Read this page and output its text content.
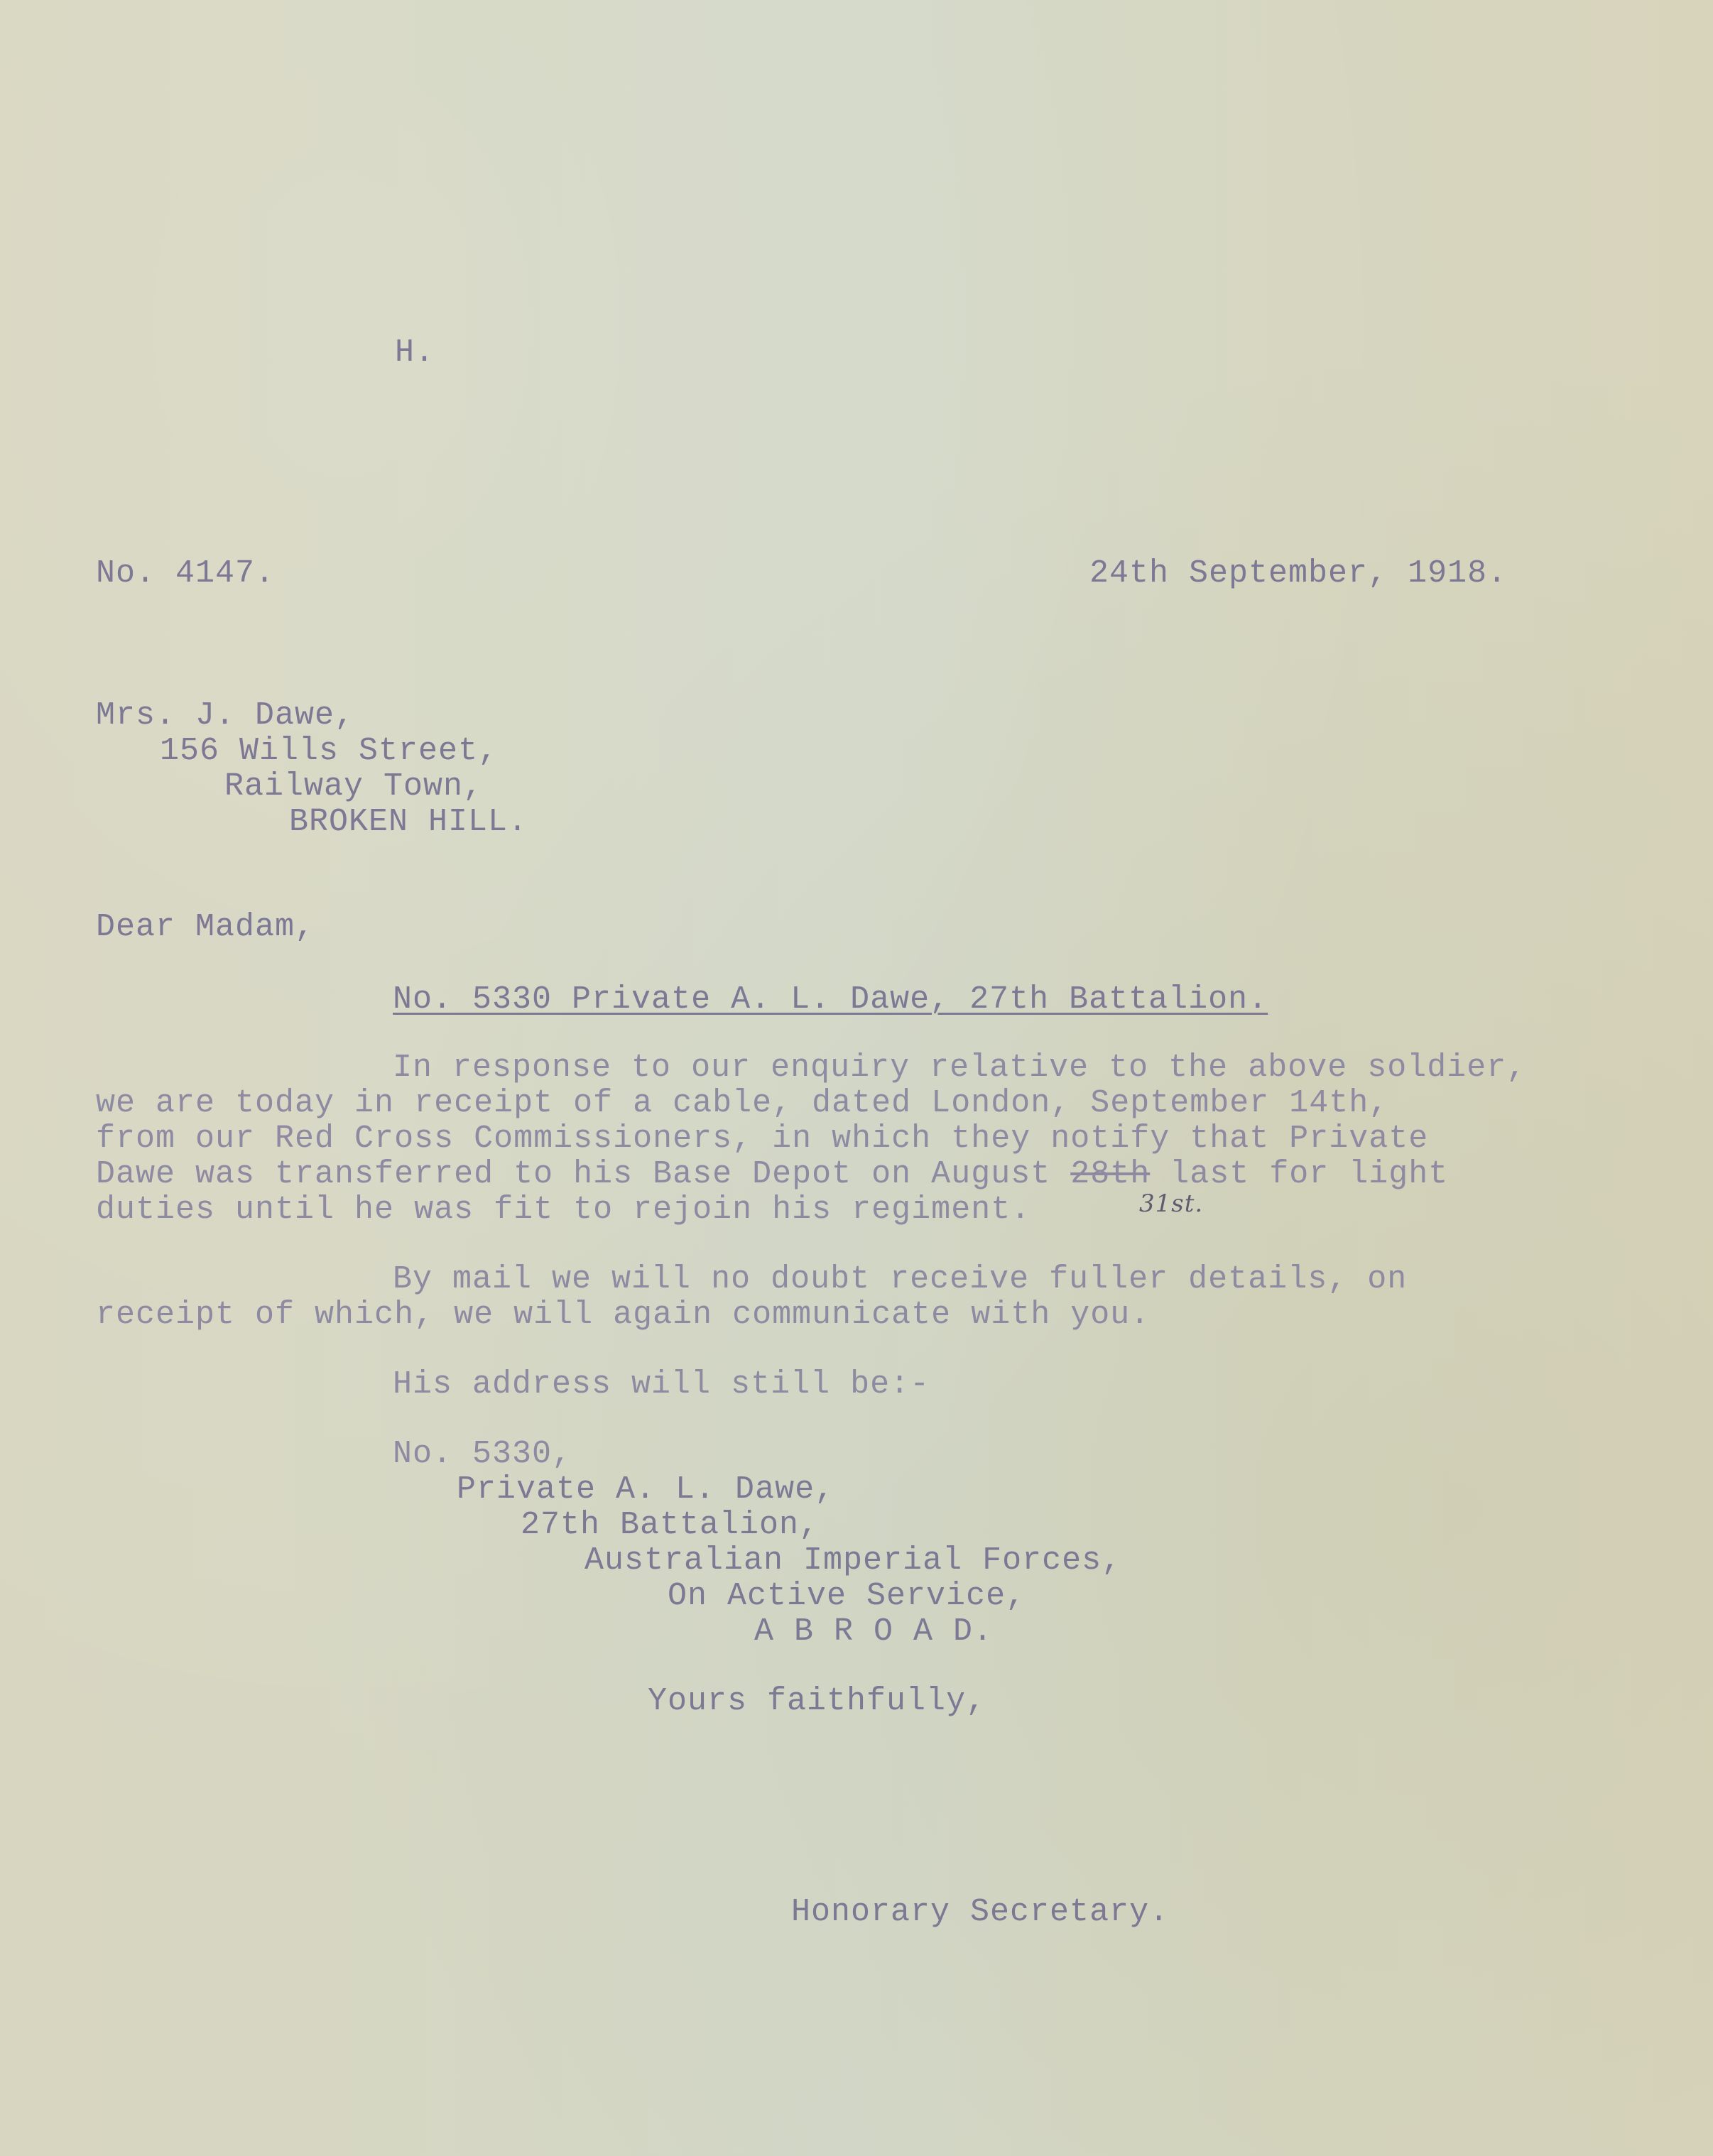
H.
No. 4147.	24th September, 1918.
Mrs. J. Dawe,
156 Wills Street,
Railway Town,
BROKEN HILL.
Dear Madam,
No. 5330 Private A. L. Dawe, 27th Battalion.
In response to our enquiry relative to the above soldier,
we are today in receipt of a cable, dated London, September 14th,
from our Red Cross Commissioners, in which they notify that Private
Dawe was transferred to his Base Depot on August 28th last for light
duties until he was fit to rejoin his regiment.	31st.
By mail we will no doubt receive fuller details, on
receipt of which, we will again communicate with you.
His address will still be:-
No. 5330,
Private A. L. Dawe,
27th Battalion,
Australian Imperial Forces,
On Active Service,
A B R O A D.
Yours faithfully,
Honorary Secretary.
